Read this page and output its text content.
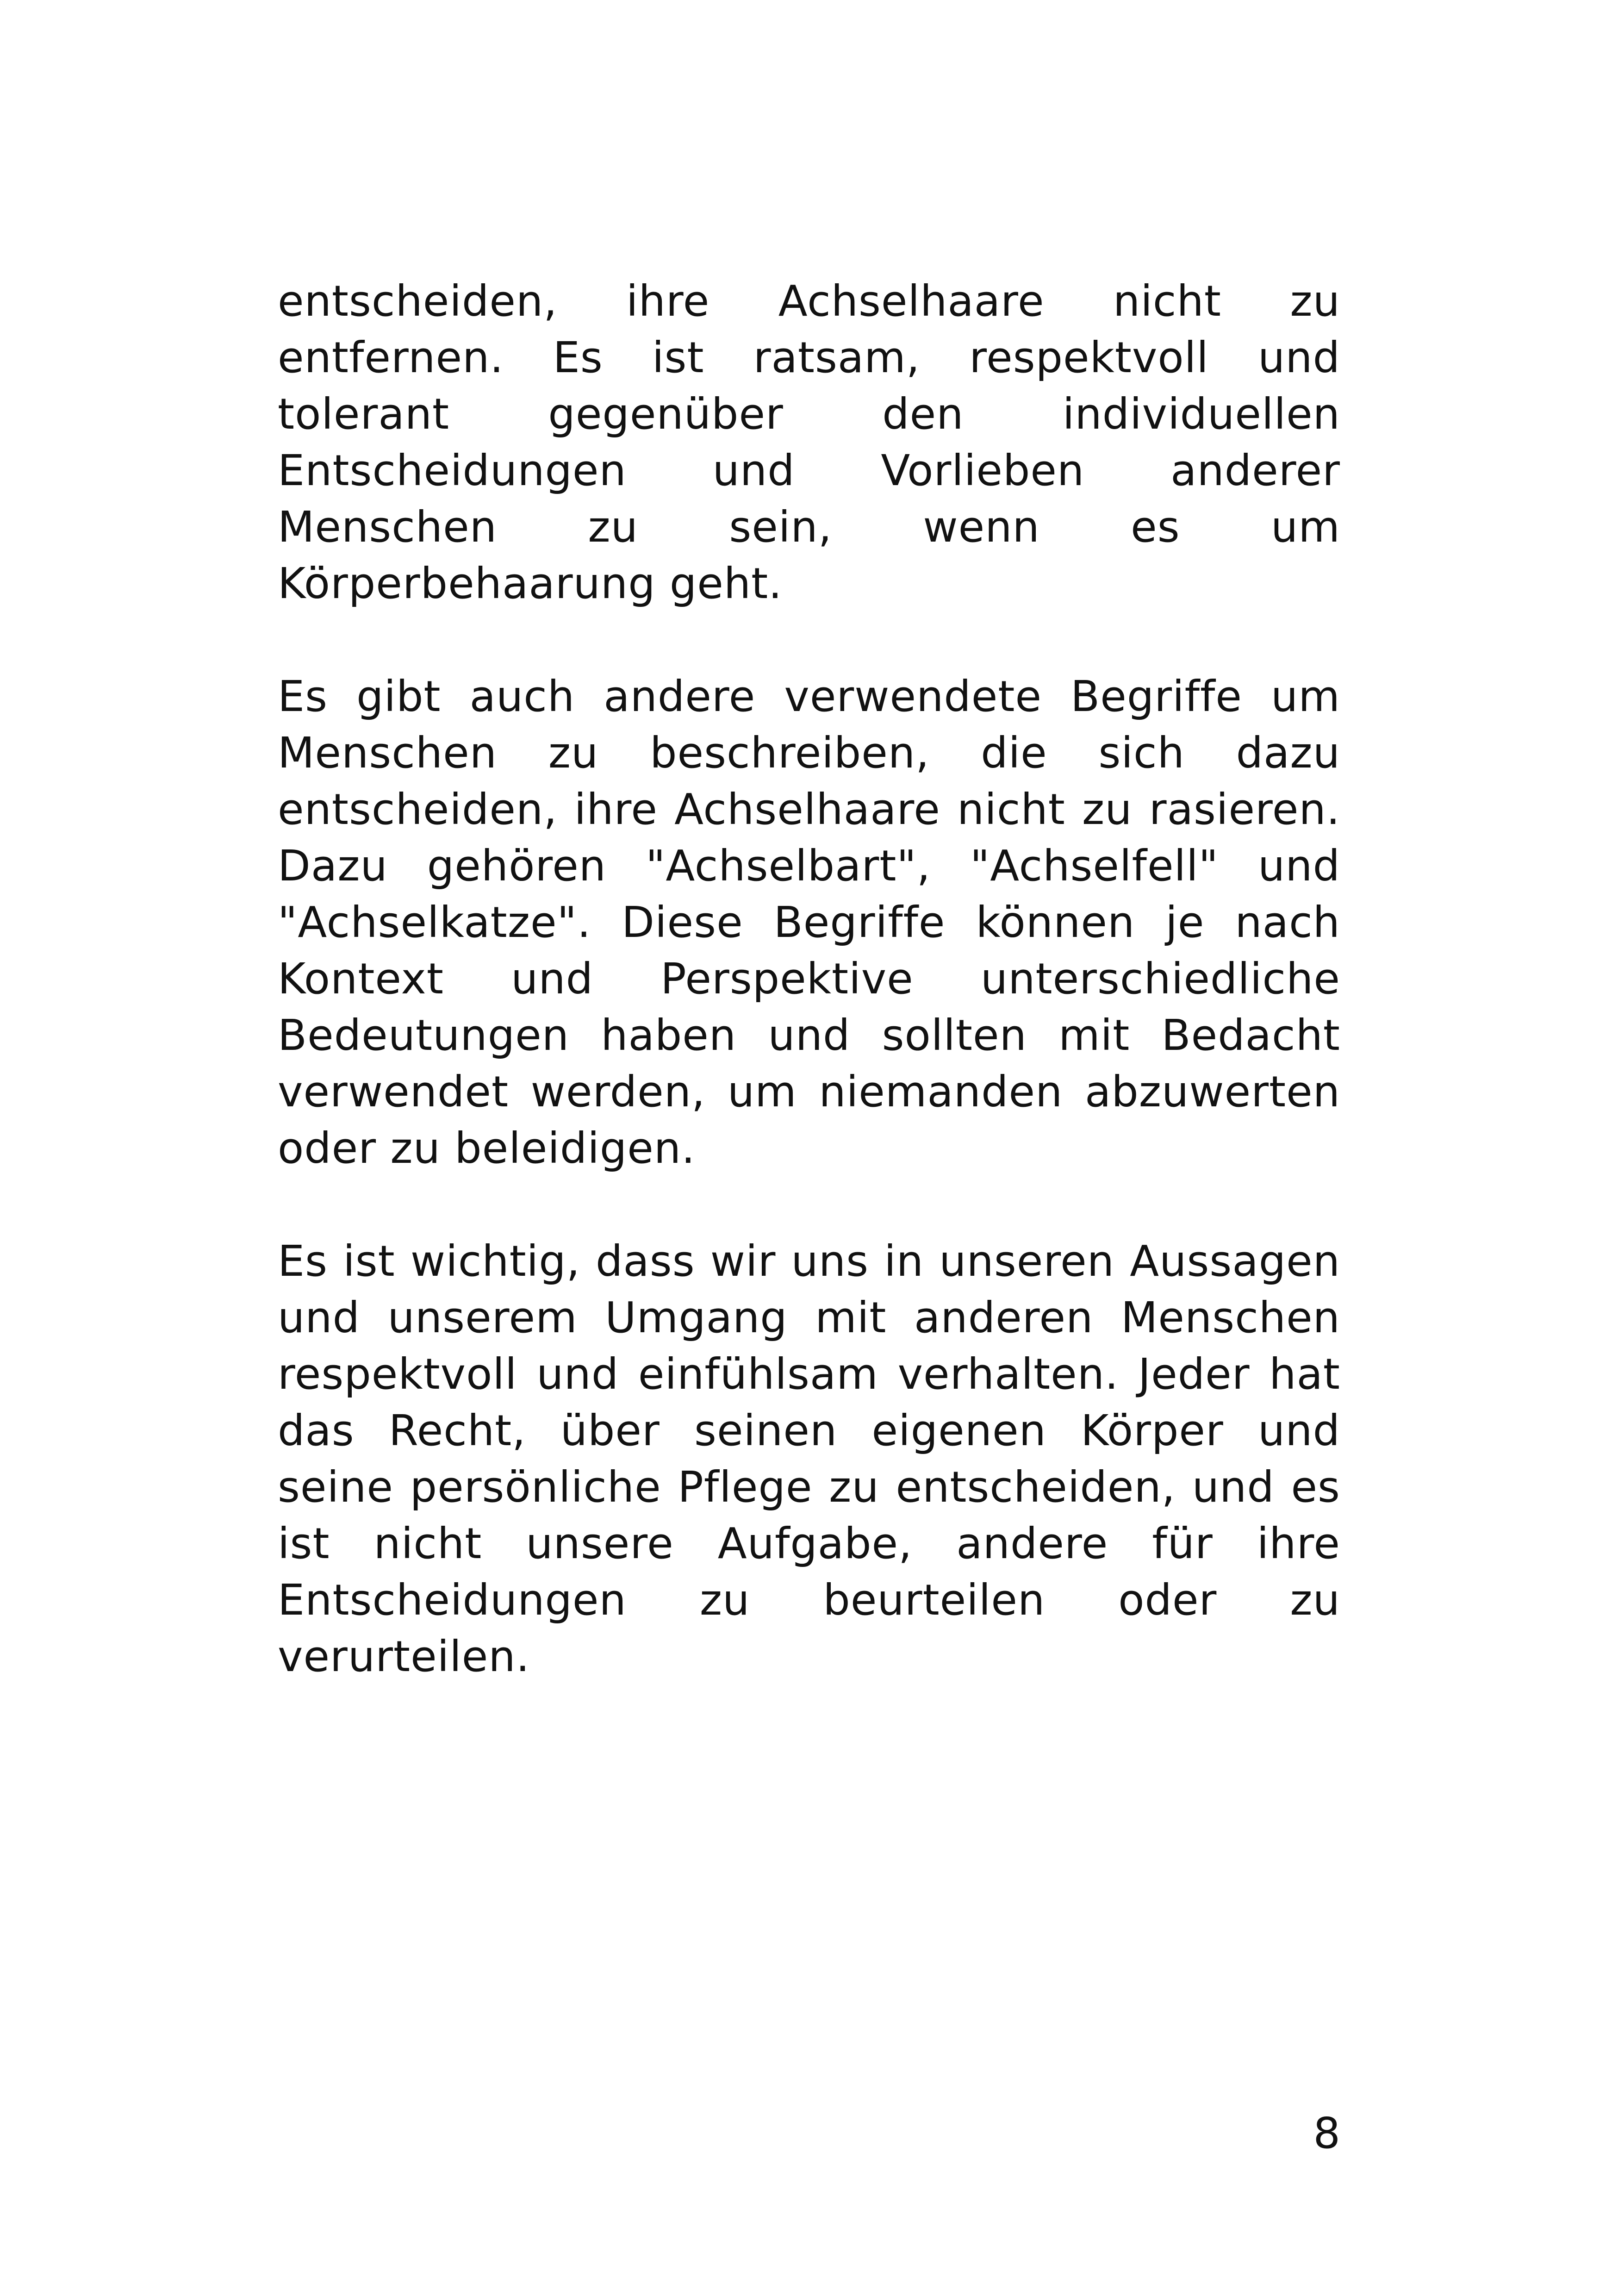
entscheiden, ihre Achselhaare nicht zu entfernen. Es ist ratsam, respektvoll und tolerant gegenüber den individuellen Entscheidungen und Vorlieben anderer Menschen zu sein, wenn es um Körperbehaarung geht.

Es gibt auch andere verwendete Begriffe um Menschen zu beschreiben, die sich dazu entscheiden, ihre Achselhaare nicht zu rasieren. Dazu gehören "Achselbart", "Achselfell" und "Achselkatze". Diese Begriffe können je nach Kontext und Perspektive unterschiedliche Bedeutungen haben und sollten mit Bedacht verwendet werden, um niemanden abzuwerten oder zu beleidigen.

Es ist wichtig, dass wir uns in unseren Aussagen und unserem Umgang mit anderen Menschen respektvoll und einfühlsam verhalten. Jeder hat das Recht, über seinen eigenen Körper und seine persönliche Pflege zu entscheiden, und es ist nicht unsere Aufgabe, andere für ihre Entscheidungen zu beurteilen oder zu verurteilen.

8
